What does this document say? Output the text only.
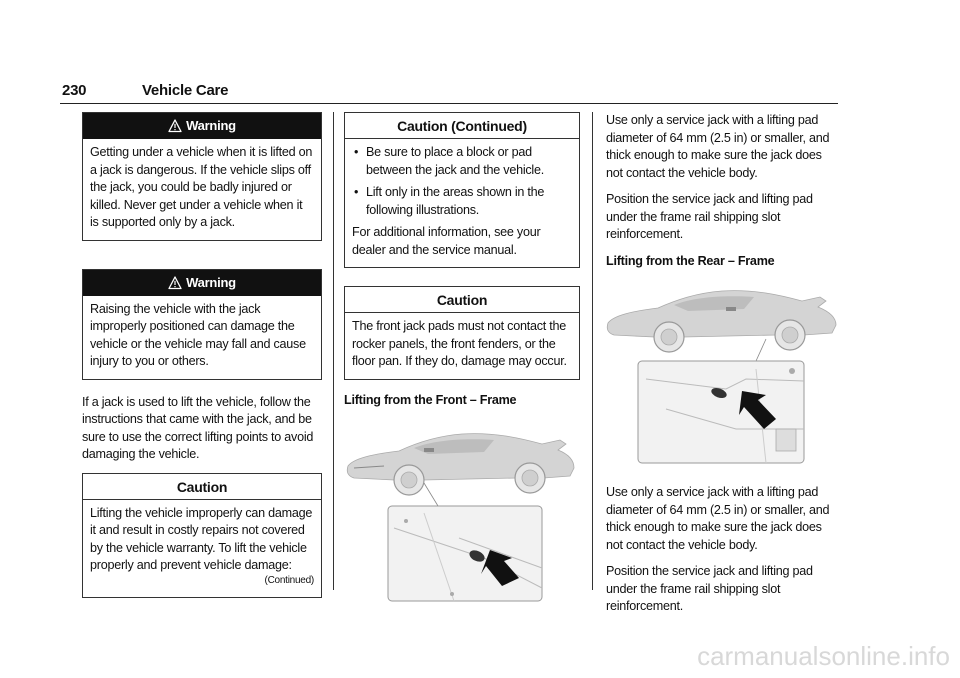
230	Vehicle Care
Warning
Getting under a vehicle when it is lifted on a jack is dangerous. If the vehicle slips off the jack, you could be badly injured or killed. Never get under a vehicle when it is supported only by a jack.
Warning
Raising the vehicle with the jack improperly positioned can damage the vehicle or the vehicle may fall and cause injury to you or others.
If a jack is used to lift the vehicle, follow the instructions that came with the jack, and be sure to use the correct lifting points to avoid damaging the vehicle.
Caution
Lifting the vehicle improperly can damage it and result in costly repairs not covered by the vehicle warranty. To lift the vehicle properly and prevent vehicle damage:
(Continued)
Caution (Continued)
• Be sure to place a block or pad between the jack and the vehicle.
• Lift only in the areas shown in the following illustrations.
For additional information, see your dealer and the service manual.
Caution
The front jack pads must not contact the rocker panels, the front fenders, or the floor pan. If they do, damage may occur.
Lifting from the Front – Frame
Use only a service jack with a lifting pad diameter of 64 mm (2.5 in) or smaller, and thick enough to make sure the jack does not contact the vehicle body.
Position the service jack and lifting pad under the frame rail shipping slot reinforcement.
Lifting from the Rear – Frame
Use only a service jack with a lifting pad diameter of 64 mm (2.5 in) or smaller, and thick enough to make sure the jack does not contact the vehicle body.
Position the service jack and lifting pad under the frame rail shipping slot reinforcement.
carmanualsonline.info
